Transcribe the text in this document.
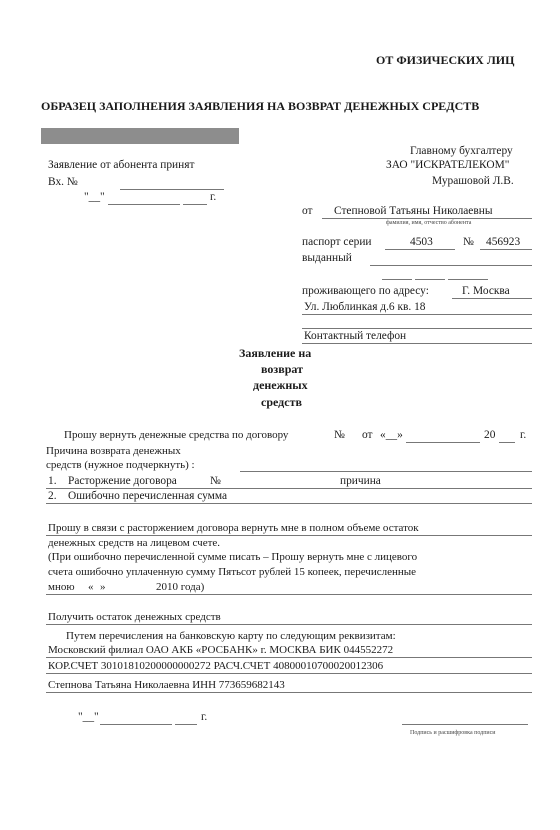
ОТ ФИЗИЧЕСКИХ ЛИЦ
ОБРАЗЕЦ ЗАПОЛНЕНИЯ ЗАЯВЛЕНИЯ НА ВОЗВРАТ ДЕНЕЖНЫХ СРЕДСТВ
Заявление от абонента принят
Вх. №
"__"	г.
Главному бухгалтеру
ЗАО "ИСКРАТЕЛЕКОМ"
Мурашовой Л.В.
от Степновой Татьяны Николаевны
фамилия, имя, отчество абонента
паспорт серии	4503	№ 456923
выданный
проживающего по адресу:	Г. Москва
Ул. Люблинкая д.6 кв. 18
Контактный телефон
Заявление на
возврат
денежных
средств
Прошу вернуть денежные средства по договору	№ от «__»	20 г.
Причина возврата денежных
средств (нужное подчеркнуть) :
1. Расторжение договора	№	причина
2. Ошибочно перечисленная сумма
Прошу в связи с расторжением договора вернуть мне в полном объеме остаток
денежных средств на лицевом счете.
(При ошибочно перечисленной сумме писать – Прошу вернуть мне с лицевого
счета ошибочно уплаченную сумму Пятьсот рублей 15 копеек, перечисленные
мною « »	2010 года)
Получить остаток денежных средств
Путем перечисления на банковскую карту по следующим реквизитам:
Московский филиал ОАО АКБ «РОСБАНК» г. МОСКВА БИК 044552272
КОР.СЧЕТ 30101810200000000272 РАСЧ.СЧЕТ 40800010700020012306
Степнова Татьяна Николаевна ИНН 773659682143
"__"	г.
Подпись и расшифровка подписи
